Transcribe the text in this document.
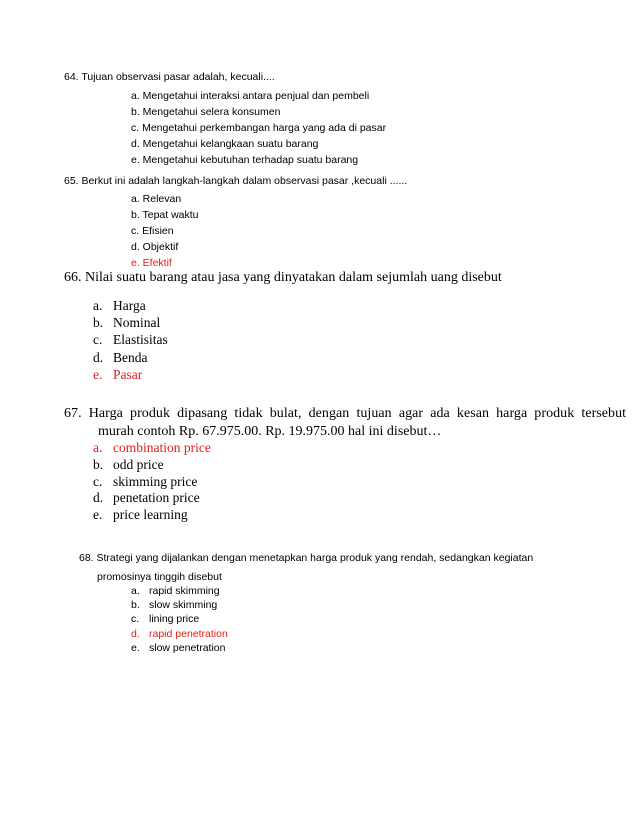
64. Tujuan observasi pasar adalah, kecuali....

a. Mengetahui interaksi antara penjual dan pembeli
b. Mengetahui selera konsumen
c. Mengetahui perkembangan harga yang ada di pasar
d. Mengetahui kelangkaan suatu barang
e. Mengetahui kebutuhan terhadap suatu barang

65. Berkut ini adalah langkah-langkah dalam observasi pasar ,kecuali ......

a. Relevan
b. Tepat waktu
c. Efisien
d. Objektif
e. Efektif

66. Nilai suatu barang atau jasa yang dinyatakan dalam sejumlah uang disebut

a. Harga
b. Nominal
c. Elastisitas
d. Benda
e. Pasar

67.  Harga  produk  dipasang  tidak  bulat,  dengan  tujuan  agar  ada  kesan  harga  produk  tersebut

murah contoh Rp. 67.975.00. Rp. 19.975.00 hal ini disebut…

a. combination price
b. odd price
c. skimming price
d. penetation price
e. price learning

68. Strategi yang dijalankan dengan menetapkan harga produk yang rendah, sedangkan kegiatan

promosinya tinggih disebut

a. rapid skimming
b. slow skimming
c. lining price
d. rapid penetration
e. slow penetration
